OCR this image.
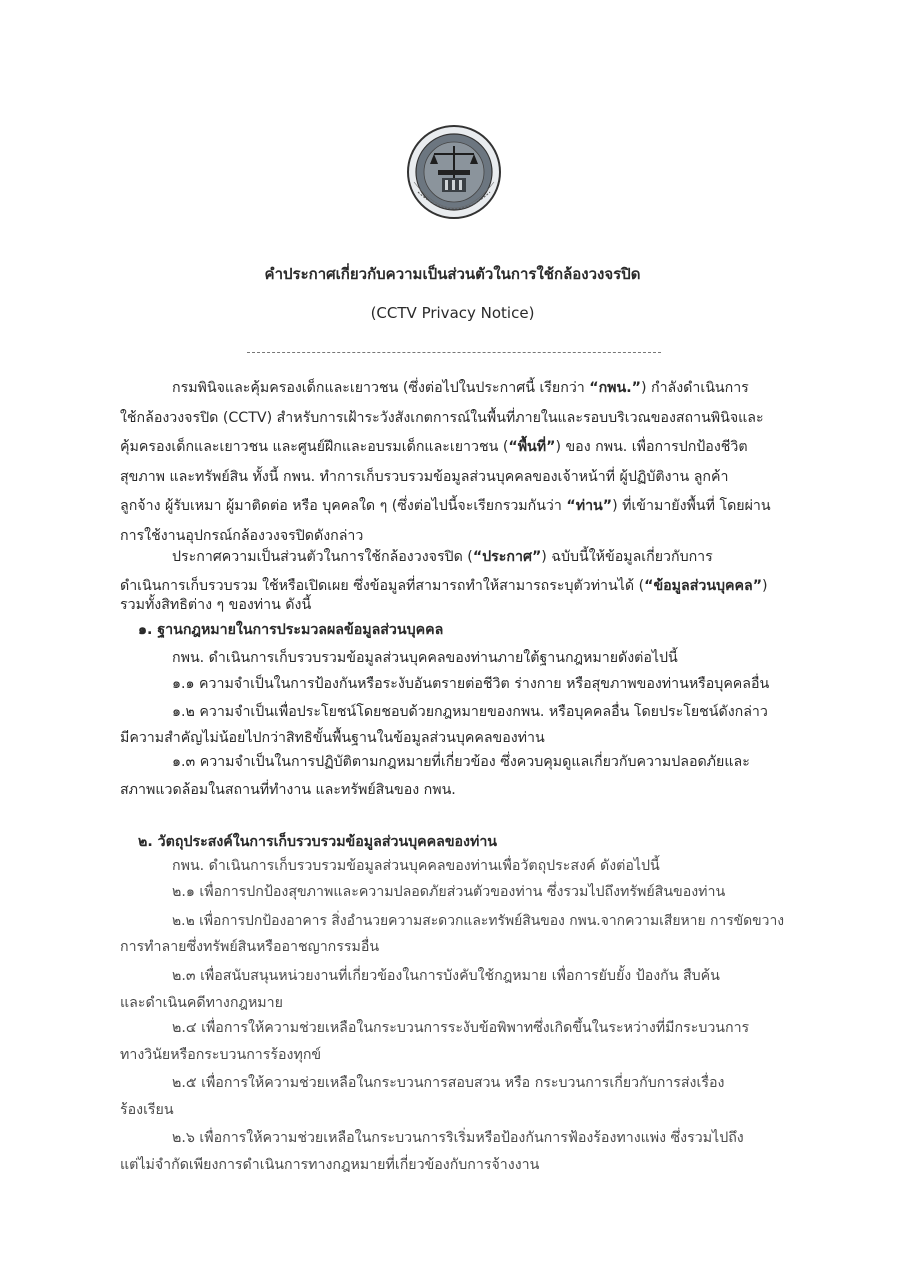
คำประกาศเกี่ยวกับความเป็นส่วนตัวในการใช้กล้องวงจรปิด
(CCTV Privacy Notice)
กรมพินิจและคุ้มครองเด็กและเยาวชน (ซึ่งต่อไปในประกาศนี้ เรียกว่า “กพน.”) กำลังดำเนินการ
ใช้กล้องวงจรปิด (CCTV) สำหรับการเฝ้าระวังสังเกตการณ์ในพื้นที่ภายในและรอบบริเวณของสถานพินิจและ
คุ้มครองเด็กและเยาวชน และศูนย์ฝึกและอบรมเด็กและเยาวชน (“พื้นที่”) ของ กพน. เพื่อการปกป้องชีวิต
สุขภาพ และทรัพย์สิน ทั้งนี้ กพน. ทำการเก็บรวบรวมข้อมูลส่วนบุคคลของเจ้าหน้าที่ ผู้ปฏิบัติงาน ลูกค้า
ลูกจ้าง ผู้รับเหมา ผู้มาติดต่อ หรือ บุคคลใด ๆ (ซึ่งต่อไปนี้จะเรียกรวมกันว่า “ท่าน”) ที่เข้ามายังพื้นที่ โดยผ่าน
การใช้งานอุปกรณ์กล้องวงจรปิดดังกล่าว
ประกาศความเป็นส่วนตัวในการใช้กล้องวงจรปิด (“ประกาศ”) ฉบับนี้ให้ข้อมูลเกี่ยวกับการ
ดำเนินการเก็บรวบรวม ใช้หรือเปิดเผย ซึ่งข้อมูลที่สามารถทำให้สามารถระบุตัวท่านได้ (“ข้อมูลส่วนบุคคล”)
รวมทั้งสิทธิต่าง ๆ ของท่าน ดังนี้
๑. ฐานกฎหมายในการประมวลผลข้อมูลส่วนบุคคล
กพน. ดำเนินการเก็บรวบรวมข้อมูลส่วนบุคคลของท่านภายใต้ฐานกฎหมายดังต่อไปนี้
๑.๑ ความจำเป็นในการป้องกันหรือระงับอันตรายต่อชีวิต ร่างกาย หรือสุขภาพของท่านหรือบุคคลอื่น
๑.๒ ความจำเป็นเพื่อประโยชน์โดยชอบด้วยกฎหมายของกพน. หรือบุคคลอื่น โดยประโยชน์ดังกล่าว
มีความสำคัญไม่น้อยไปกว่าสิทธิขั้นพื้นฐานในข้อมูลส่วนบุคคลของท่าน
๑.๓ ความจำเป็นในการปฏิบัติตามกฎหมายที่เกี่ยวข้อง ซึ่งควบคุมดูแลเกี่ยวกับความปลอดภัยและ
สภาพแวดล้อมในสถานที่ทำงาน และทรัพย์สินของ กพน.
๒. วัตถุประสงค์ในการเก็บรวบรวมข้อมูลส่วนบุคคลของท่าน
กพน. ดำเนินการเก็บรวบรวมข้อมูลส่วนบุคคลของท่านเพื่อวัตถุประสงค์ ดังต่อไปนี้
๒.๑ เพื่อการปกป้องสุขภาพและความปลอดภัยส่วนตัวของท่าน ซึ่งรวมไปถึงทรัพย์สินของท่าน
๒.๒ เพื่อการปกป้องอาคาร สิ่งอำนวยความสะดวกและทรัพย์สินของ กพน.จากความเสียหาย การขัดขวาง
การทำลายซึ่งทรัพย์สินหรืออาชญากรรมอื่น
๒.๓ เพื่อสนับสนุนหน่วยงานที่เกี่ยวข้องในการบังคับใช้กฎหมาย เพื่อการยับยั้ง ป้องกัน สืบค้น
และดำเนินคดีทางกฎหมาย
๒.๔ เพื่อการให้ความช่วยเหลือในกระบวนการระงับข้อพิพาทซึ่งเกิดขึ้นในระหว่างที่มีกระบวนการ
ทางวินัยหรือกระบวนการร้องทุกข์
๒.๕ เพื่อการให้ความช่วยเหลือในกระบวนการสอบสวน หรือ กระบวนการเกี่ยวกับการส่งเรื่อง
ร้องเรียน
๒.๖ เพื่อการให้ความช่วยเหลือในกระบวนการริเริ่มหรือป้องกันการฟ้องร้องทางแพ่ง ซึ่งรวมไปถึง
แต่ไม่จำกัดเพียงการดำเนินการทางกฎหมายที่เกี่ยวข้องกับการจ้างงาน
